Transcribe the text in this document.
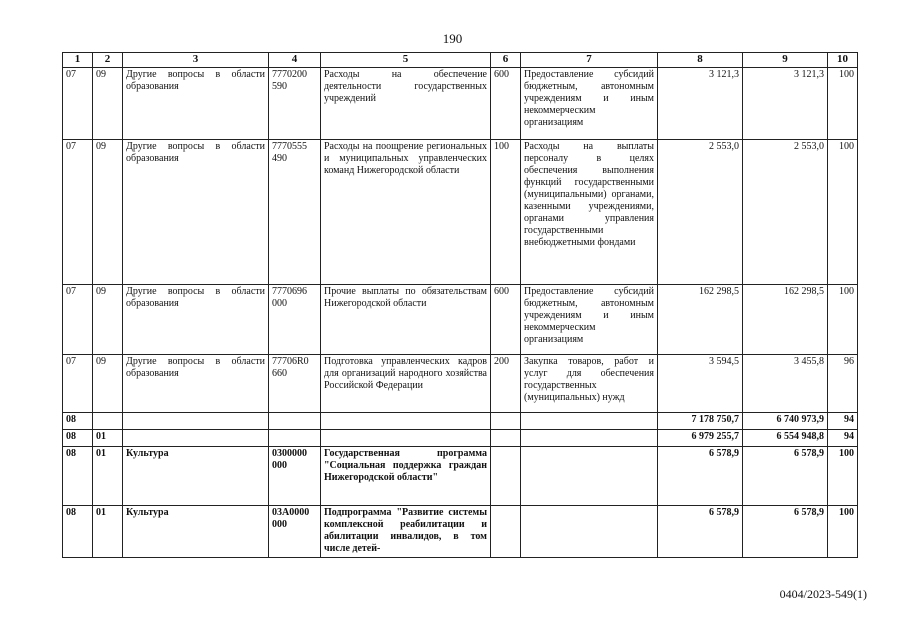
190
1	2	3	4	5	6	7	8	9	10
07	09	Другие вопросы в области образования	7770200 590	Расходы на обеспечение деятельности государственных учреждений	600	Предоставление субсидий бюджетным, автономным учреждениям и иным некоммерческим организациям	3 121,3	3 121,3	100
07	09	Другие вопросы в области образования	7770555 490	Расходы на поощрение региональных и муниципальных управленческих команд Нижегородской области	100	Расходы на выплаты персоналу в целях обеспечения выполнения функций государственными (муниципальными) органами, казенными учреждениями, органами управления государственными внебюджетными фондами	2 553,0	2 553,0	100
07	09	Другие вопросы в области образования	7770696 000	Прочие выплаты по обязательствам Нижегородской области	600	Предоставление субсидий бюджетным, автономным учреждениям и иным некоммерческим организациям	162 298,5	162 298,5	100
07	09	Другие вопросы в области образования	77706R0 660	Подготовка управленческих кадров для организаций народного хозяйства Российской Федерации	200	Закупка товаров, работ и услуг для обеспечения государственных (муниципальных) нужд	3 594,5	3 455,8	96
08							7 178 750,7	6 740 973,9	94
08	01						6 979 255,7	6 554 948,8	94
08	01	Культура	0300000 000	Государственная программа "Социальная поддержка граждан Нижегородской области"			6 578,9	6 578,9	100
08	01	Культура	03А0000 000	Подпрограмма "Развитие системы комплексной реабилитации и абилитации инвалидов, в том числе детей-			6 578,9	6 578,9	100
0404/2023-549(1)
